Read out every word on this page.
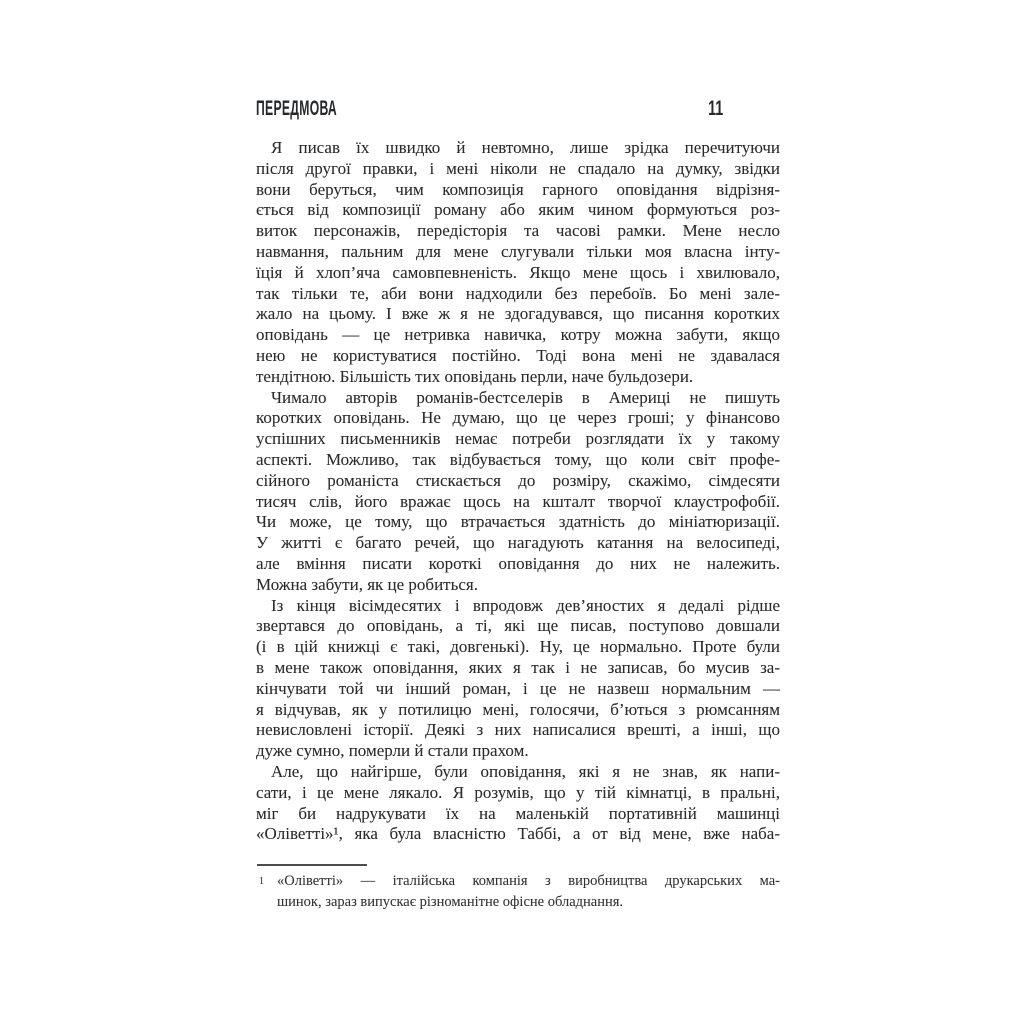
ПЕРЕДМОВА	11
Я писав їх швидко й невтомно, лише зрідка перечитуючи
після другої правки, і мені ніколи не спадало на думку, звідки
вони беруться, чим композиція гарного оповідання відрізня-
ється від композиції роману або яким чином формуються роз-
виток персонажів, передісторія та часові рамки. Мене несло
навмання, пальним для мене слугували тільки моя власна інту-
їція й хлоп’яча самовпевненість. Якщо мене щось і хвилювало,
так тільки те, аби вони надходили без перебоїв. Бо мені зале-
жало на цьому. І вже ж я не здогадувався, що писання коротких
оповідань — це нетривка навичка, котру можна забути, якщо
нею не користуватися постійно. Тоді вона мені не здавалася
тендітною. Більшість тих оповідань перли, наче бульдозери.
Чимало авторів романів-бестселерів в Америці не пишуть
коротких оповідань. Не думаю, що це через гроші; у фінансово
успішних письменників немає потреби розглядати їх у такому
аспекті. Можливо, так відбувається тому, що коли світ профе-
сійного романіста стискається до розміру, скажімо, сімдесяти
тисяч слів, його вражає щось на кшталт творчої клаустрофобії.
Чи може, це тому, що втрачається здатність до мініатюризації.
У житті є багато речей, що нагадують катання на велосипеді,
але вміння писати короткі оповідання до них не належить.
Можна забути, як це робиться.
Із кінця вісімдесятих і впродовж дев’яностих я дедалі рідше
звертався до оповідань, а ті, які ще писав, поступово довшали
(і в цій книжці є такі, довгенькі). Ну, це нормально. Проте були
в мене також оповідання, яких я так і не записав, бо мусив за-
кінчувати той чи інший роман, і це не назвеш нормальним —
я відчував, як у потилицю мені, голосячи, б’ються з рюмсанням
невисловлені історії. Деякі з них написалися врешті, а інші, що
дуже сумно, померли й стали прахом.
Але, що найгірше, були оповідання, які я не знав, як напи-
сати, і це мене лякало. Я розумів, що у тій кімнатці, в пральні,
міг би надрукувати їх на маленькій портативній машинці
«Оліветті»¹, яка була власністю Таббі, а от від мене, вже наба-
1 «Оліветті» — італійська компанія з виробництва друкарських ма-
шинок, зараз випускає різноманітне офісне обладнання.
